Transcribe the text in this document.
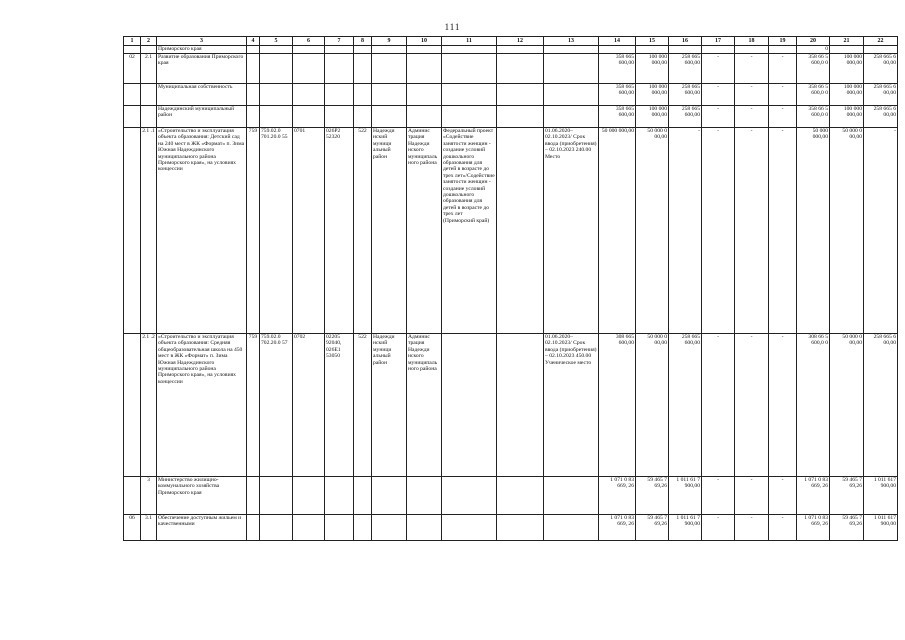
111
1	2	3	4	5	6	7	8	9	10	11	12	13	14	15	16	17	18	19	20	21	22
		Приморского края																	0		
02	2.1	Развитие образования Приморского края											358 665 600,00	100 000 000,00	258 665 600,00	-	-	-	358 66 5 600,0 0	100 000 000,00	258 665 6 00,00
		Муниципальная собственность											358 665 600,00	100 000 000,00	258 665 600,00	-	-	-	358 66 5 600,0 0	100 000 000,00	258 665 6 00,00
		Надеждинский муниципальный район											358 665 600,00	100 000 000,00	258 665 600,00	-	-	-	358 66 5 600,0 0	100 000 000,00	258 665 6 00,00
	2.1 .1	«Строительство и эксплуатация объекта образования: Детский сад на 240 мест в ЖК «Формат» п. Зима Южная Надеждинского муниципального района Приморского края», на условиях концессии	759	759.02.0 701.20.0 55	0701	026P2 52320	522	Надежди нский муници альный район	Админис трация Надежди нского муниципального района	Федеральный проект «Содействие занятости женщин - создание условий дошкольного образования для детей в возрасте до трех лет»/Содействие занятости женщин - создание условий дошкольного образования для детей в возрасте до трех лет (Приморский край)		01.06.2020– 02.10.2023/ Срок ввода (приобретения) – 02.10.2023 240.00 Место	50 000 000,00	50 000 0 00,00	-	-	-	-	50 000 000,00	50 000 0 00,00	-
	2.1 .2	«Строительство и эксплуатация объекта образования: Средняя общеобразовательная школа на 450 мест в ЖК «Формат» п. Зима Южная Надеждинского муниципального района Приморского края», на условиях концессии	759	759.02.0 702.20.0 57	0702	02205 92040, 026E1 53050	522	Надежди нский муници альный район	Админис трация Надежди нского муниципального района			01.06.2020– 02.10.2023/ Срок ввода (приобретения) – 02.10.2023 450.00 Ученическое место	308 665 600,00	50 000 0 00,00	258 665 600,00	-	-	-	308 66 5 600,0 0	50 000 0 00,00	258 665 6 00,00
	3	Министерство жилищно-коммунального хозяйства Приморского края											1 071 0 83 669, 26	59 465 7 69,26	1 011 61 7 900,00	-	-	-	1 071 0 83 669, 26	59 465 7 69,26	1 011 617 900,00
06	3.1	Обеспечение доступным жильем и качественными											1 071 0 83 669, 26	59 465 7 69,26	1 011 61 7 900,00	-	-	-	1 071 0 83 669, 26	59 465 7 69,26	1 011 617 900,00
